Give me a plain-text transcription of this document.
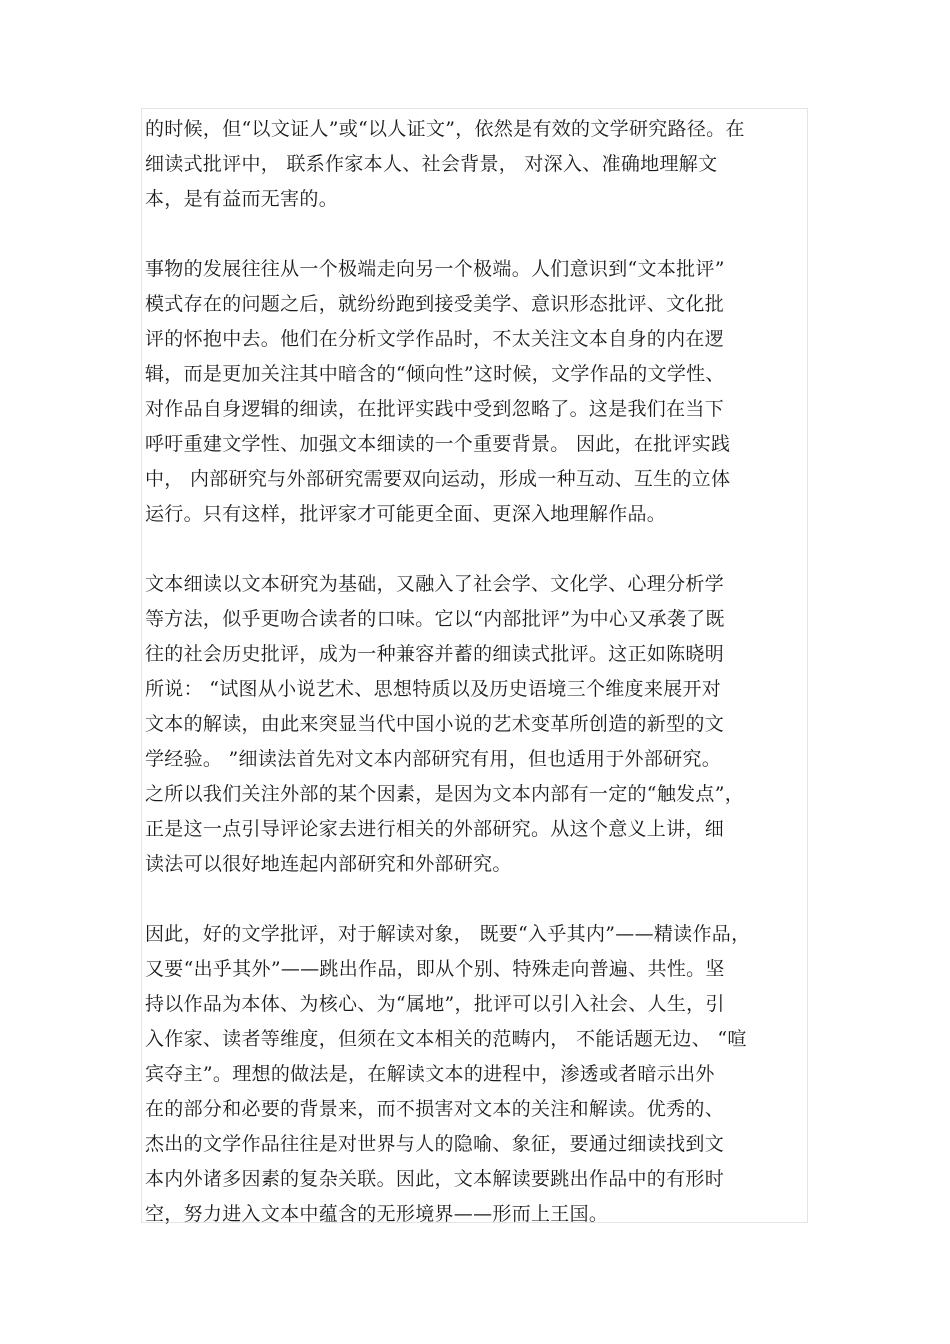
的时候，但“以文证人”或“以人证文”，依然是有效的文学研究路径。在
细读式批评中， 联系作家本人、社会背景， 对深入、准确地理解文
本，是有益而无害的。
事物的发展往往从一个极端走向另一个极端。人们意识到“文本批评”
模式存在的问题之后，就纷纷跑到接受美学、意识形态批评、文化批
评的怀抱中去。他们在分析文学作品时，不太关注文本自身的内在逻
辑，而是更加关注其中暗含的“倾向性”这时候，文学作品的文学性、
对作品自身逻辑的细读，在批评实践中受到忽略了。这是我们在当下
呼吁重建文学性、加强文本细读的一个重要背景。 因此，在批评实践
中， 内部研究与外部研究需要双向运动，形成一种互动、互生的立体
运行。只有这样，批评家才可能更全面、更深入地理解作品。
文本细读以文本研究为基础，又融入了社会学、文化学、心理分析学
等方法，似乎更吻合读者的口味。它以“内部批评”为中心又承袭了既
往的社会历史批评，成为一种兼容并蓄的细读式批评。这正如陈晓明
所说： “试图从小说艺术、思想特质以及历史语境三个维度来展开对
文本的解读，由此来突显当代中国小说的艺术变革所创造的新型的文
学经验。 ”细读法首先对文本内部研究有用，但也适用于外部研究。
之所以我们关注外部的某个因素，是因为文本内部有一定的“触发点”，
正是这一点引导评论家去进行相关的外部研究。从这个意义上讲，细
读法可以很好地连起内部研究和外部研究。
因此，好的文学批评，对于解读对象， 既要“入乎其内”——精读作品，
又要“出乎其外”——跳出作品，即从个别、特殊走向普遍、共性。坚
持以作品为本体、为核心、为“属地”，批评可以引入社会、人生，引
入作家、读者等维度，但须在文本相关的范畴内， 不能话题无边、 “喧
宾夺主”。理想的做法是，在解读文本的进程中，渗透或者暗示出外
在的部分和必要的背景来，而不损害对文本的关注和解读。优秀的、
杰出的文学作品往往是对世界与人的隐喻、象征，要通过细读找到文
本内外诸多因素的复杂关联。因此，文本解读要跳出作品中的有形时
空，努力进入文本中蕴含的无形境界——形而上王国。
